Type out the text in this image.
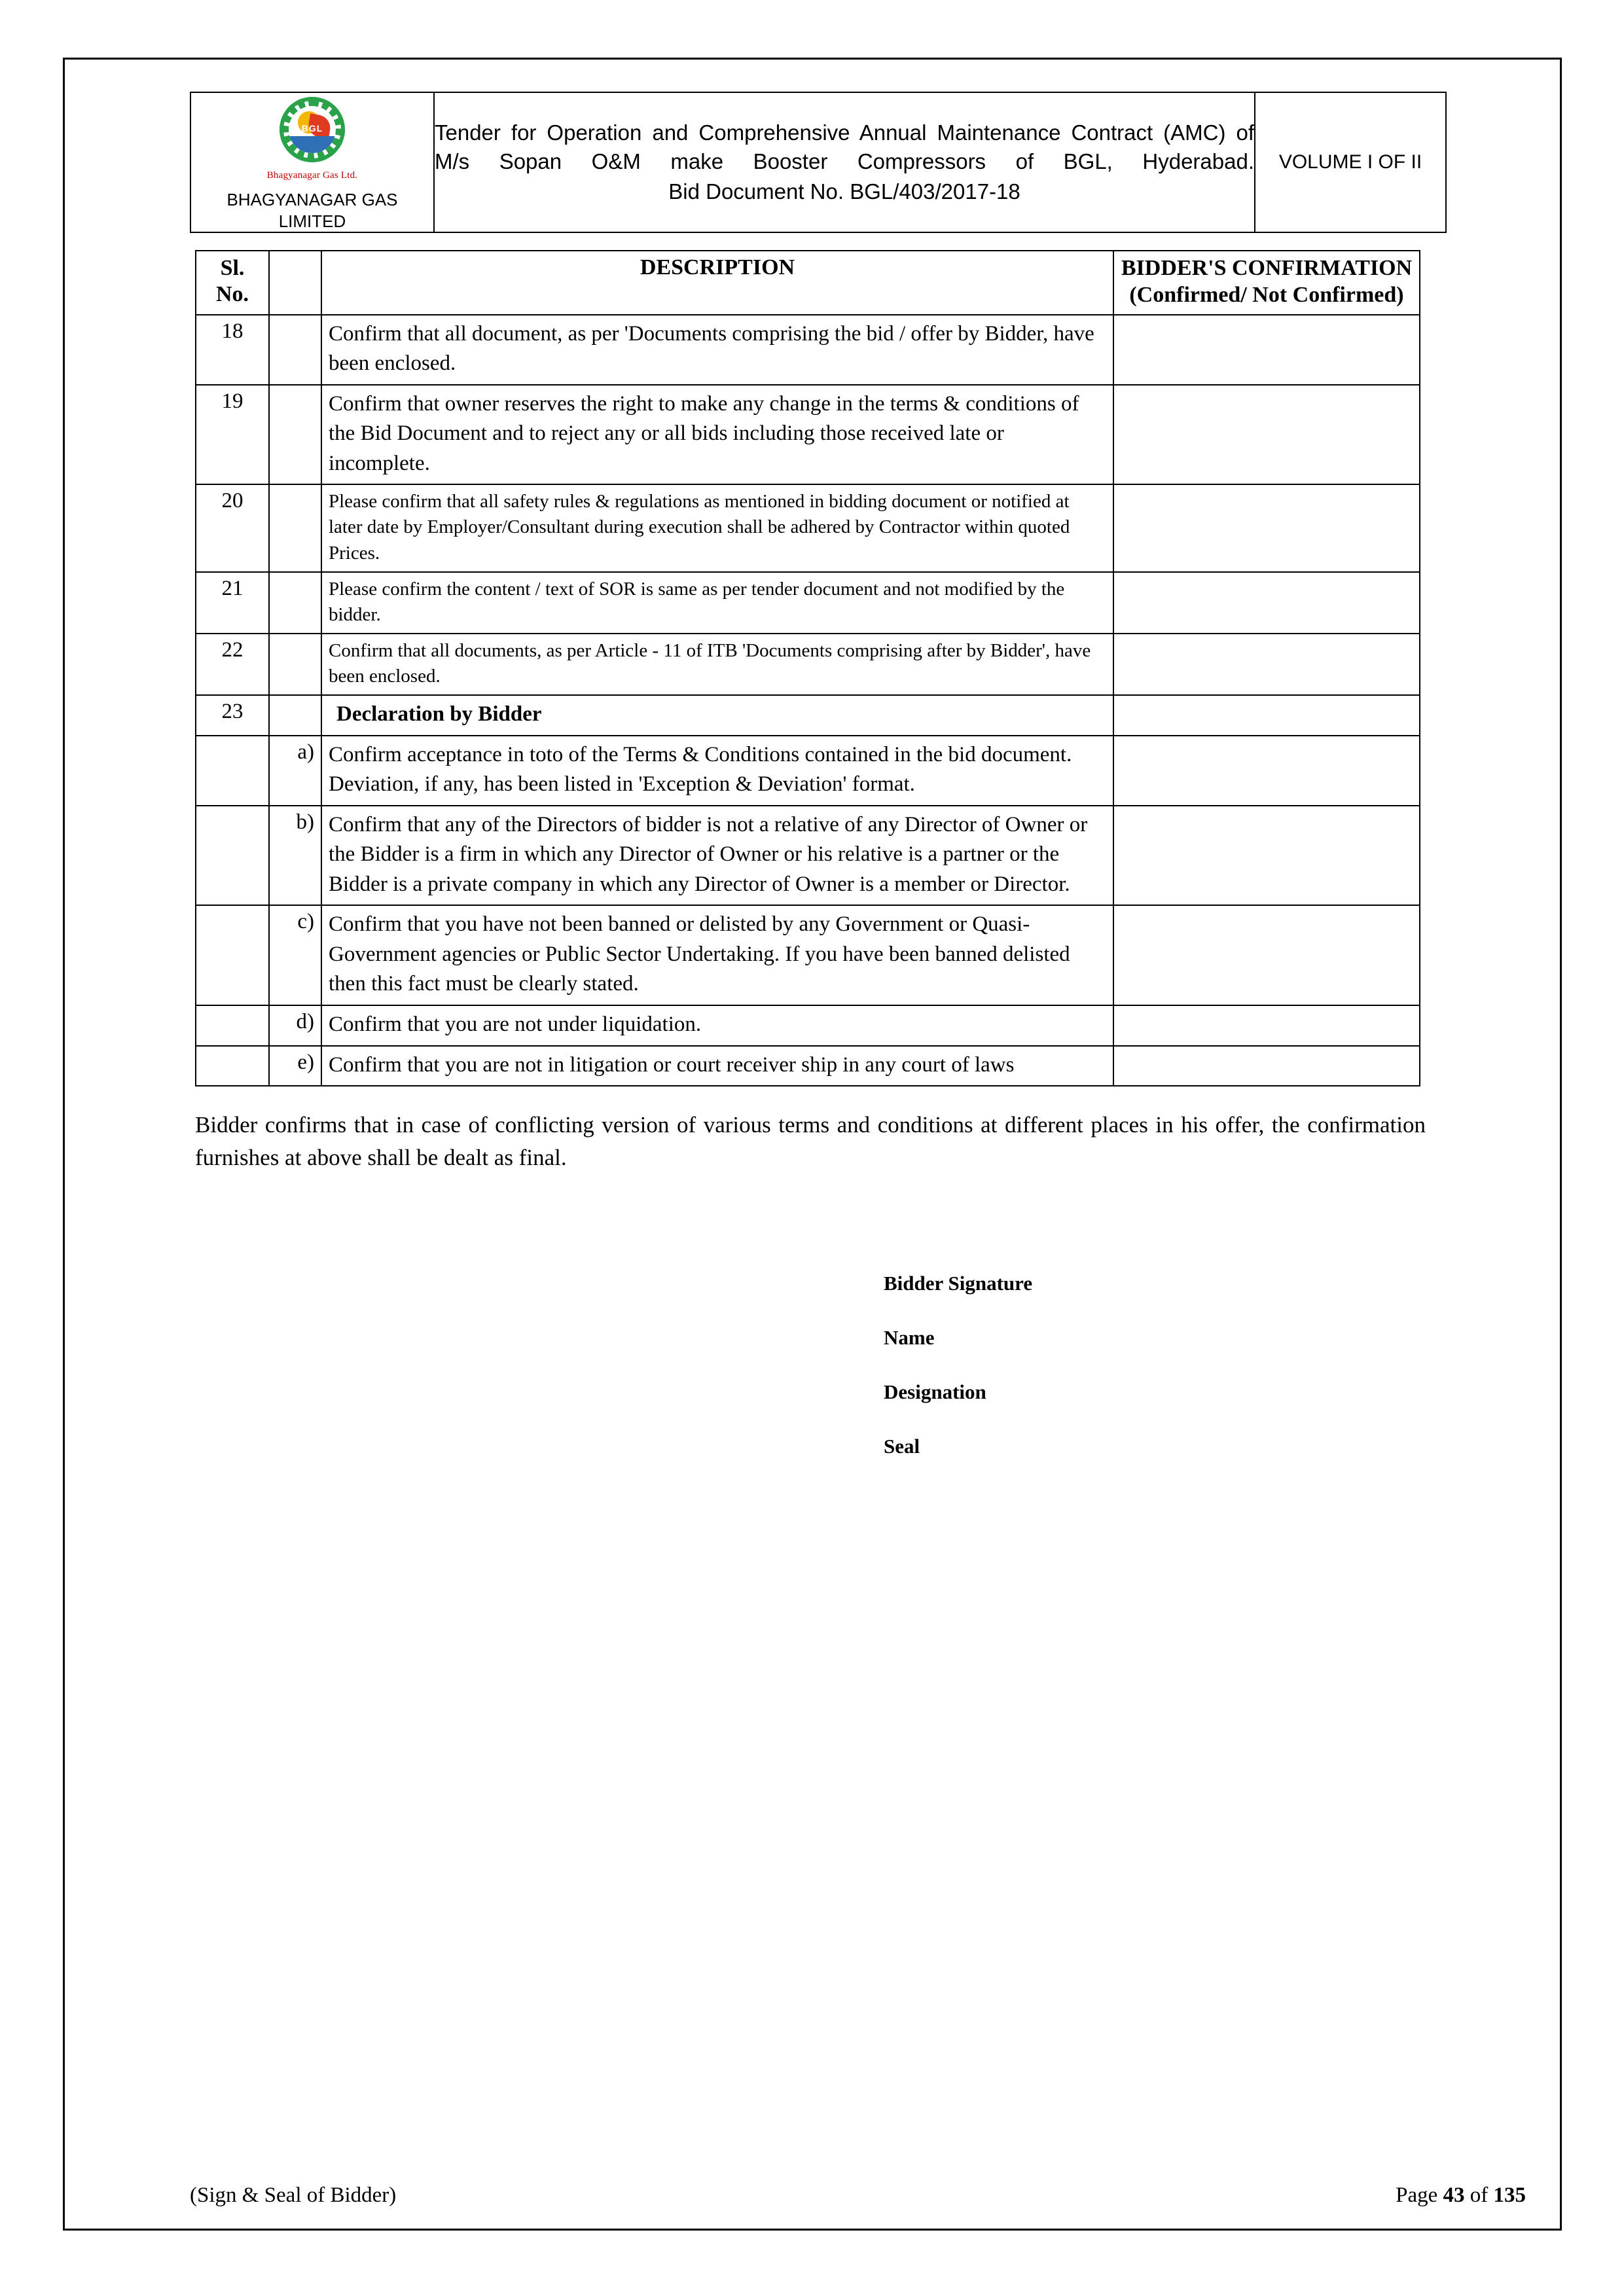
BGL
Bhagyanagar Gas Ltd.
BHAGYANAGAR GAS LIMITED

Tender for Operation and Comprehensive Annual Maintenance Contract (AMC) of M/s Sopan O&M make Booster Compressors of BGL, Hyderabad.
Bid Document No. BGL/403/2017-18
	VOLUME I OF II
Sl. No.		DESCRIPTION	BIDDER'S CONFIRMATION (Confirmed/ Not Confirmed)
18		Confirm that all document, as per 'Documents comprising the bid / offer by Bidder, have been enclosed.	
19		Confirm that owner reserves the right to make any change in the terms & conditions of the Bid Document and to reject any or all bids including those received late or incomplete.	
20		Please confirm that all safety rules & regulations as mentioned in bidding document or notified at later date by Employer/Consultant during execution shall be adhered by Contractor within quoted Prices.	
21		Please confirm the content / text of SOR is same as per tender document and not modified by the bidder.	
22		Confirm that all documents, as per Article - 11 of ITB 'Documents comprising after by Bidder', have been enclosed.	
23		Declaration by Bidder	
	a)	Confirm acceptance in toto of the Terms & Conditions contained in the bid document. Deviation, if any, has been listed in 'Exception & Deviation' format.	
	b)	Confirm that any of the Directors of bidder is not a relative of any Director of Owner or the Bidder is a firm in which any Director of Owner or his relative is a partner or the Bidder is a private company in which any Director of Owner is a member or Director.	
	c)	Confirm that you have not been banned or delisted by any Government or Quasi-Government agencies or Public Sector Undertaking. If you have been banned delisted then this fact must be clearly stated.	
	d)	Confirm that you are not under liquidation.	
	e)	Confirm that you are not in litigation or court receiver ship in any court of laws	
Bidder confirms that in case of conflicting version of various terms and conditions at different places in his offer, the confirmation furnishes at above shall be dealt as final.
Bidder Signature
Name
Designation
Seal
(Sign & Seal of Bidder)	Page 43 of 135
